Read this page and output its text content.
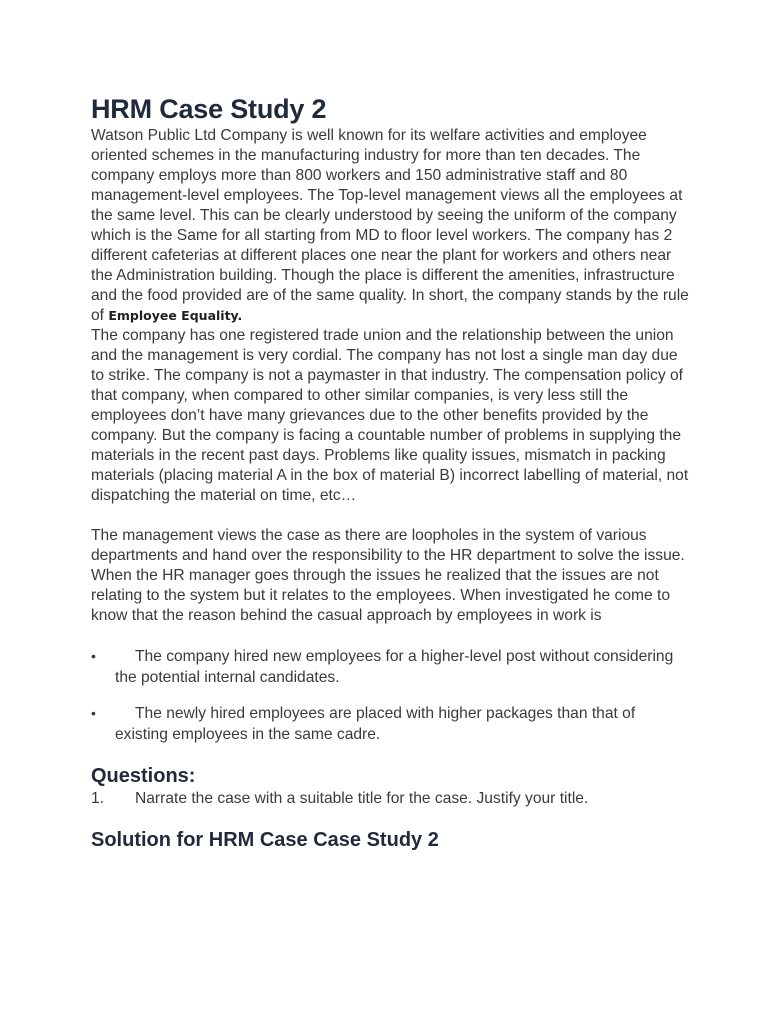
HRM Case Study 2

Watson Public Ltd Company is well known for its welfare activities and employee oriented schemes in the manufacturing industry for more than ten decades. The company employs more than 800 workers and 150 administrative staff and 80 management-level employees. The Top-level management views all the employees at the same level. This can be clearly understood by seeing the uniform of the company which is the Same for all starting from MD to floor level workers. The company has 2 different cafeterias at different places one near the plant for workers and others near the Administration building. Though the place is different the amenities, infrastructure and the food provided are of the same quality. In short, the company stands by the rule of Employee Equality.

The company has one registered trade union and the relationship between the union and the management is very cordial. The company has not lost a single man day due to strike. The company is not a paymaster in that industry. The compensation policy of that company, when compared to other similar companies, is very less still the employees don’t have many grievances due to the other benefits provided by the company. But the company is facing a countable number of problems in supplying the materials in the recent past days. Problems like quality issues, mismatch in packing materials (placing material A in the box of material B) incorrect labelling of material, not dispatching the material on time, etc…

The management views the case as there are loopholes in the system of various departments and hand over the responsibility to the HR department to solve the issue. When the HR manager goes through the issues he realized that the issues are not relating to the system but it relates to the employees. When investigated he come to know that the reason behind the casual approach by employees in work is

•	The company hired new employees for a higher-level post without considering the potential internal candidates.
•	The newly hired employees are placed with higher packages than that of existing employees in the same cadre.
Questions:
1.	Narrate the case with a suitable title for the case. Justify your title.
Solution for HRM Case Case Study 2
